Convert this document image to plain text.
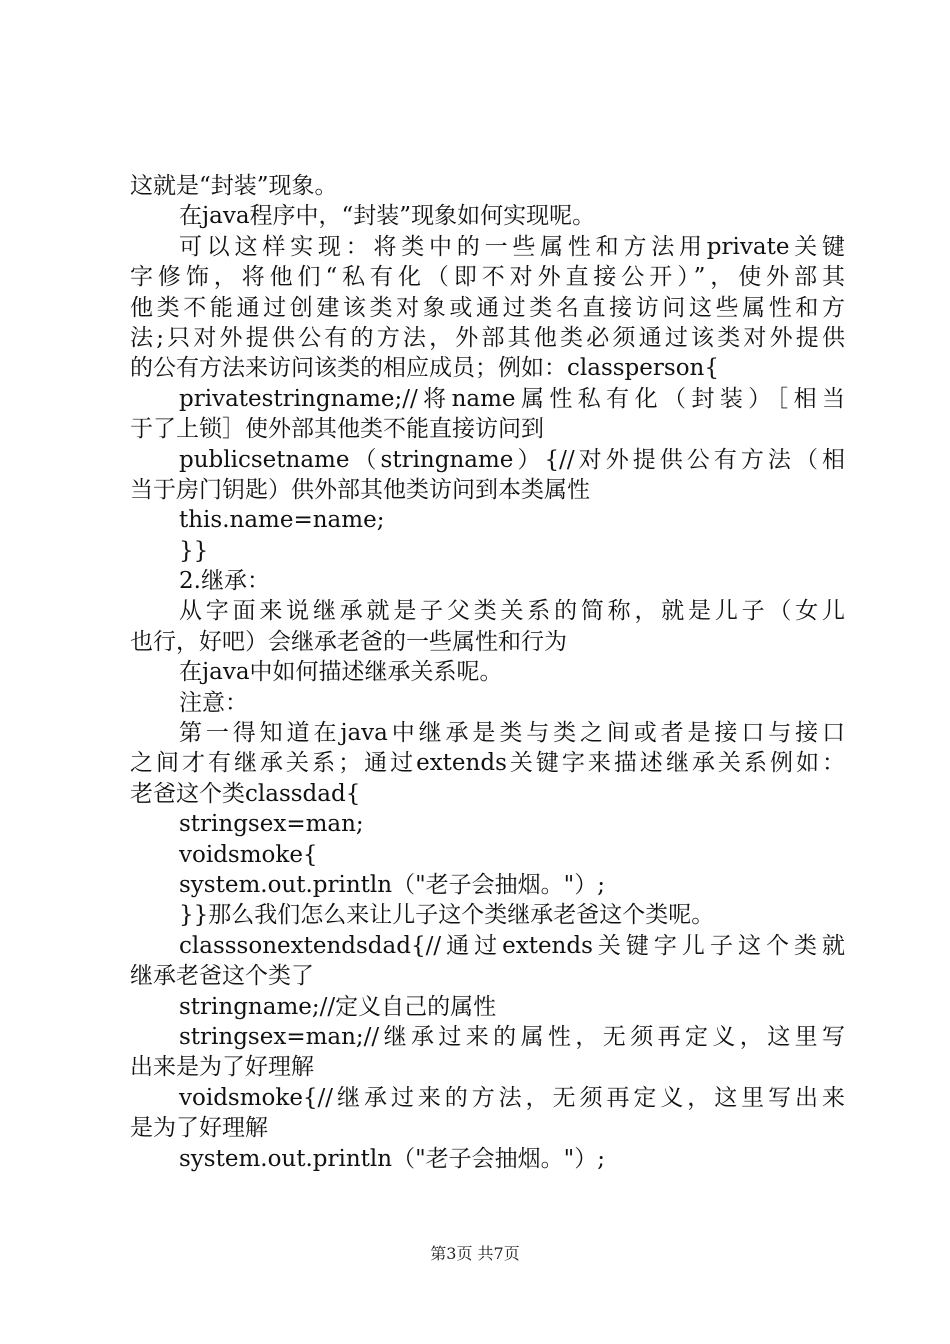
这就是“封装”现象。
在java程序中，“封装”现象如何实现呢。
可以这样实现：将类中的一些属性和方法用private关键
字修饰，将他们“私有化（即不对外直接公开）”，使外部其
他类不能通过创建该类对象或通过类名直接访问这些属性和方
法;只对外提供公有的方法，外部其他类必须通过该类对外提供
的公有方法来访问该类的相应成员；例如：classperson{
privatestringname;//将name属性私有化（封装）［相当
于了上锁］使外部其他类不能直接访问到
publicsetname（stringname）{//对外提供公有方法（相
当于房门钥匙）供外部其他类访问到本类属性
this.name=name;
}}
2.继承：
从字面来说继承就是子父类关系的简称，就是儿子（女儿
也行，好吧）会继承老爸的一些属性和行为
在java中如何描述继承关系呢。
注意：
第一得知道在java中继承是类与类之间或者是接口与接口
之间才有继承关系；通过extends关键字来描述继承关系例如：
老爸这个类classdad{
stringsex=man;
voidsmoke{
system.out.println（"老子会抽烟。"）;
}}那么我们怎么来让儿子这个类继承老爸这个类呢。
classsonextendsdad{//通过extends关键字儿子这个类就
继承老爸这个类了
stringname;//定义自己的属性
stringsex=man;//继承过来的属性，无须再定义，这里写
出来是为了好理解
voidsmoke{//继承过来的方法，无须再定义，这里写出来
是为了好理解
system.out.println（"老子会抽烟。"）;
第3页 共7页
